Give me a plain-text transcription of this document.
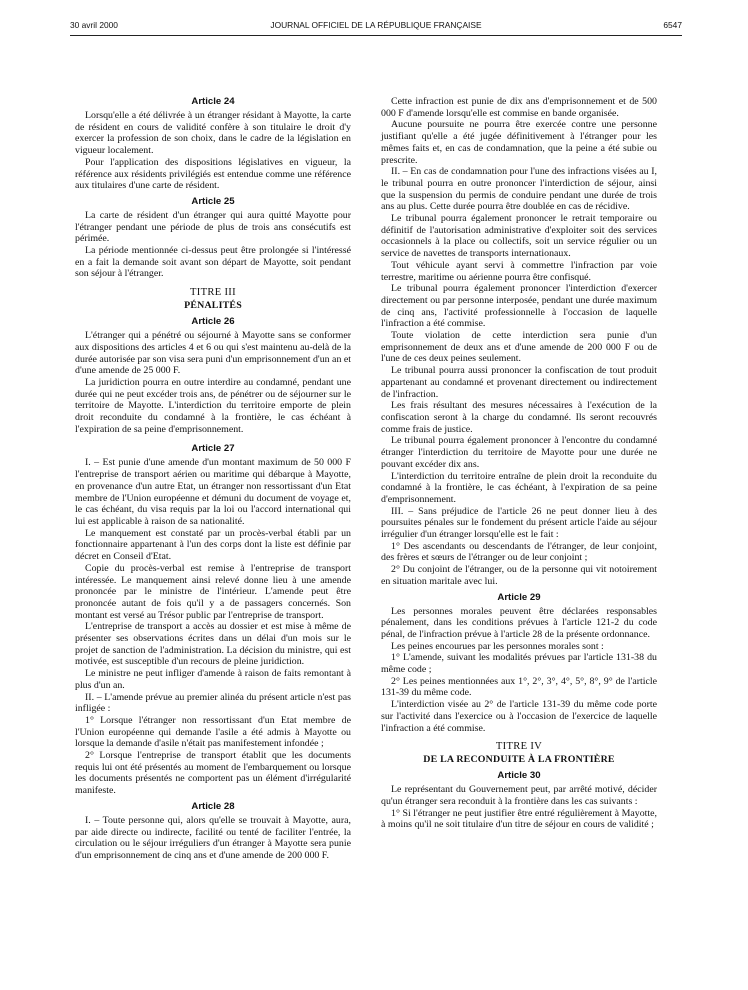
30 avril 2000	JOURNAL OFFICIEL DE LA RÉPUBLIQUE FRANÇAISE	6547
Article 24

Lorsqu'elle a été délivrée à un étranger résidant à Mayotte, la carte de résident en cours de validité confère à son titulaire le droit d'y exercer la profession de son choix, dans le cadre de la législation en vigueur localement.

Pour l'application des dispositions législatives en vigueur, la référence aux résidents privilégiés est entendue comme une référence aux titulaires d'une carte de résident.

Article 25

La carte de résident d'un étranger qui aura quitté Mayotte pour l'étranger pendant une période de plus de trois ans consécutifs est périmée.

La période mentionnée ci-dessus peut être prolongée si l'intéressé en a fait la demande soit avant son départ de Mayotte, soit pendant son séjour à l'étranger.

TITRE III
PÉNALITÉS
Article 26

L'étranger qui a pénétré ou séjourné à Mayotte sans se conformer aux dispositions des articles 4 et 6 ou qui s'est maintenu au-delà de la durée autorisée par son visa sera puni d'un emprisonnement d'un an et d'une amende de 25 000 F.

La juridiction pourra en outre interdire au condamné, pendant une durée qui ne peut excéder trois ans, de pénétrer ou de séjourner sur le territoire de Mayotte. L'interdiction du territoire emporte de plein droit reconduite du condamné à la frontière, le cas échéant à l'expiration de sa peine d'emprisonnement.

Article 27

I. – Est punie d'une amende d'un montant maximum de 50 000 F l'entreprise de transport aérien ou maritime qui débarque à Mayotte, en provenance d'un autre Etat, un étranger non ressortissant d'un Etat membre de l'Union européenne et démuni du document de voyage et, le cas échéant, du visa requis par la loi ou l'accord international qui lui est applicable à raison de sa nationalité.

Le manquement est constaté par un procès-verbal établi par un fonctionnaire appartenant à l'un des corps dont la liste est définie par décret en Conseil d'Etat.

Copie du procès-verbal est remise à l'entreprise de transport intéressée. Le manquement ainsi relevé donne lieu à une amende prononcée par le ministre de l'intérieur. L'amende peut être prononcée autant de fois qu'il y a de passagers concernés. Son montant est versé au Trésor public par l'entreprise de transport.

L'entreprise de transport a accès au dossier et est mise à même de présenter ses observations écrites dans un délai d'un mois sur le projet de sanction de l'administration. La décision du ministre, qui est motivée, est susceptible d'un recours de pleine juridiction.

Le ministre ne peut infliger d'amende à raison de faits remontant à plus d'un an.

II. – L'amende prévue au premier alinéa du présent article n'est pas infligée :

1° Lorsque l'étranger non ressortissant d'un Etat membre de l'Union européenne qui demande l'asile a été admis à Mayotte ou lorsque la demande d'asile n'était pas manifestement infondée ;

2° Lorsque l'entreprise de transport établit que les documents requis lui ont été présentés au moment de l'embarquement ou lorsque les documents présentés ne comportent pas un élément d'irrégularité manifeste.

Article 28

I. – Toute personne qui, alors qu'elle se trouvait à Mayotte, aura, par aide directe ou indirecte, facilité ou tenté de faciliter l'entrée, la circulation ou le séjour irréguliers d'un étranger à Mayotte sera punie d'un emprisonnement de cinq ans et d'une amende de 200 000 F.

Cette infraction est punie de dix ans d'emprisonnement et de 500 000 F d'amende lorsqu'elle est commise en bande organisée.

Aucune poursuite ne pourra être exercée contre une personne justifiant qu'elle a été jugée définitivement à l'étranger pour les mêmes faits et, en cas de condamnation, que la peine a été subie ou prescrite.

II. – En cas de condamnation pour l'une des infractions visées au I, le tribunal pourra en outre prononcer l'interdiction de séjour, ainsi que la suspension du permis de conduire pendant une durée de trois ans au plus. Cette durée pourra être doublée en cas de récidive.

Le tribunal pourra également prononcer le retrait temporaire ou définitif de l'autorisation administrative d'exploiter soit des services occasionnels à la place ou collectifs, soit un service régulier ou un service de navettes de transports internationaux.

Tout véhicule ayant servi à commettre l'infraction par voie terrestre, maritime ou aérienne pourra être confisqué.

Le tribunal pourra également prononcer l'interdiction d'exercer directement ou par personne interposée, pendant une durée maximum de cinq ans, l'activité professionnelle à l'occasion de laquelle l'infraction a été commise.

Toute violation de cette interdiction sera punie d'un emprisonnement de deux ans et d'une amende de 200 000 F ou de l'une de ces deux peines seulement.

Le tribunal pourra aussi prononcer la confiscation de tout produit appartenant au condamné et provenant directement ou indirectement de l'infraction.

Les frais résultant des mesures nécessaires à l'exécution de la confiscation seront à la charge du condamné. Ils seront recouvrés comme frais de justice.

Le tribunal pourra également prononcer à l'encontre du condamné étranger l'interdiction du territoire de Mayotte pour une durée ne pouvant excéder dix ans.

L'interdiction du territoire entraîne de plein droit la reconduite du condamné à la frontière, le cas échéant, à l'expiration de sa peine d'emprisonnement.

III. – Sans préjudice de l'article 26 ne peut donner lieu à des poursuites pénales sur le fondement du présent article l'aide au séjour irrégulier d'un étranger lorsqu'elle est le fait :

1° Des ascendants ou descendants de l'étranger, de leur conjoint, des frères et sœurs de l'étranger ou de leur conjoint ;

2° Du conjoint de l'étranger, ou de la personne qui vit notoirement en situation maritale avec lui.

Article 29

Les personnes morales peuvent être déclarées responsables pénalement, dans les conditions prévues à l'article 121-2 du code pénal, de l'infraction prévue à l'article 28 de la présente ordonnance.

Les peines encourues par les personnes morales sont :

1° L'amende, suivant les modalités prévues par l'article 131-38 du même code ;

2° Les peines mentionnées aux 1°, 2°, 3°, 4°, 5°, 8°, 9° de l'article 131-39 du même code.

L'interdiction visée au 2° de l'article 131-39 du même code porte sur l'activité dans l'exercice ou à l'occasion de l'exercice de laquelle l'infraction a été commise.

TITRE IV
DE LA RECONDUITE À LA FRONTIÈRE
Article 30

Le représentant du Gouvernement peut, par arrêté motivé, décider qu'un étranger sera reconduit à la frontière dans les cas suivants :

1° Si l'étranger ne peut justifier être entré régulièrement à Mayotte, à moins qu'il ne soit titulaire d'un titre de séjour en cours de validité ;
